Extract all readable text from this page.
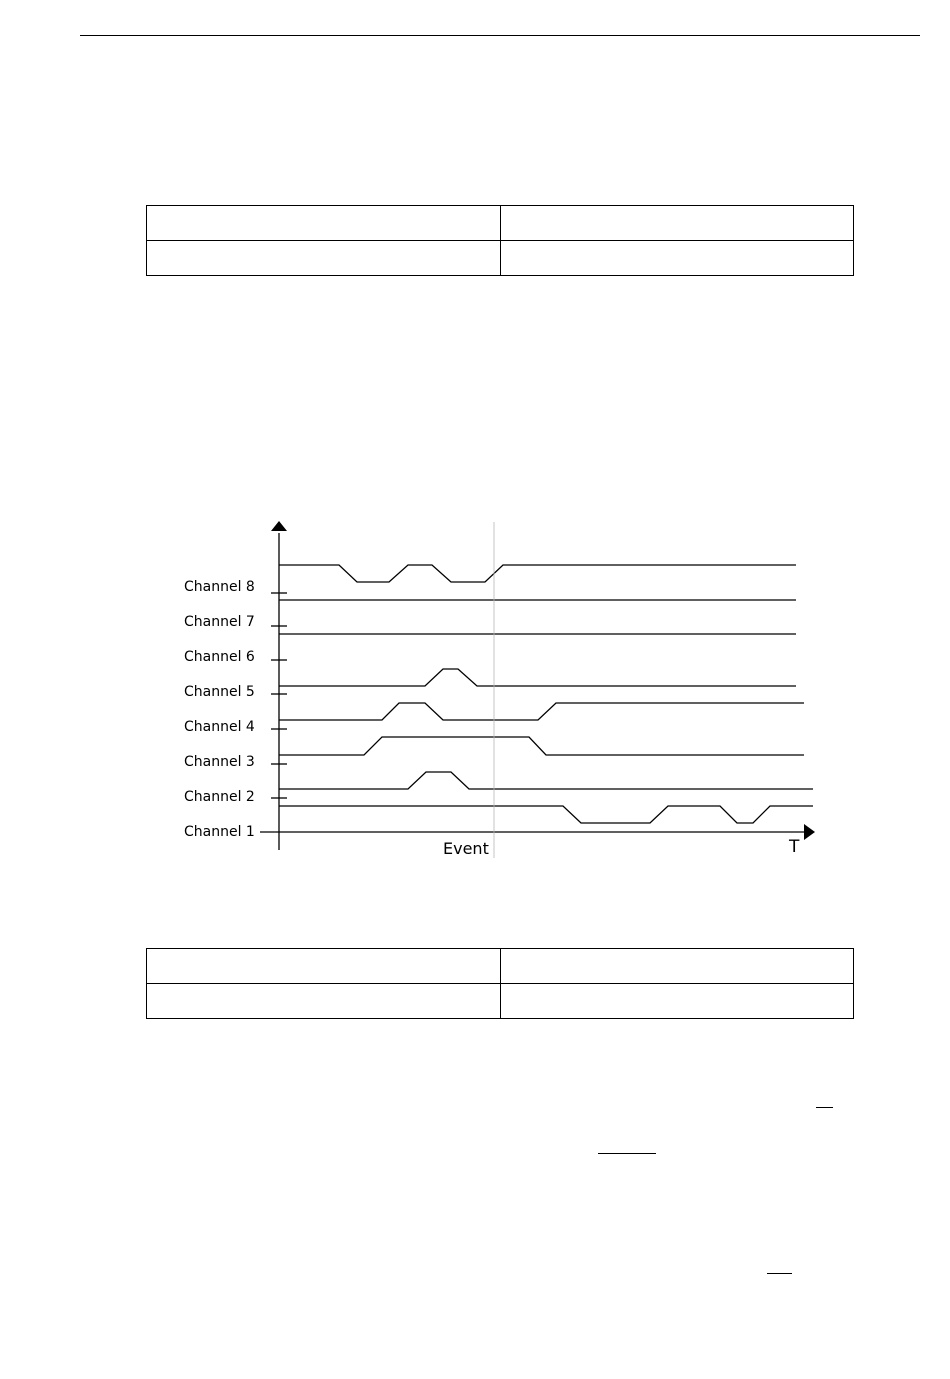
Channel 8
Channel 7
Channel 6
Channel 5
Channel 4
Channel 3
Channel 2
Channel 1
Event	T
